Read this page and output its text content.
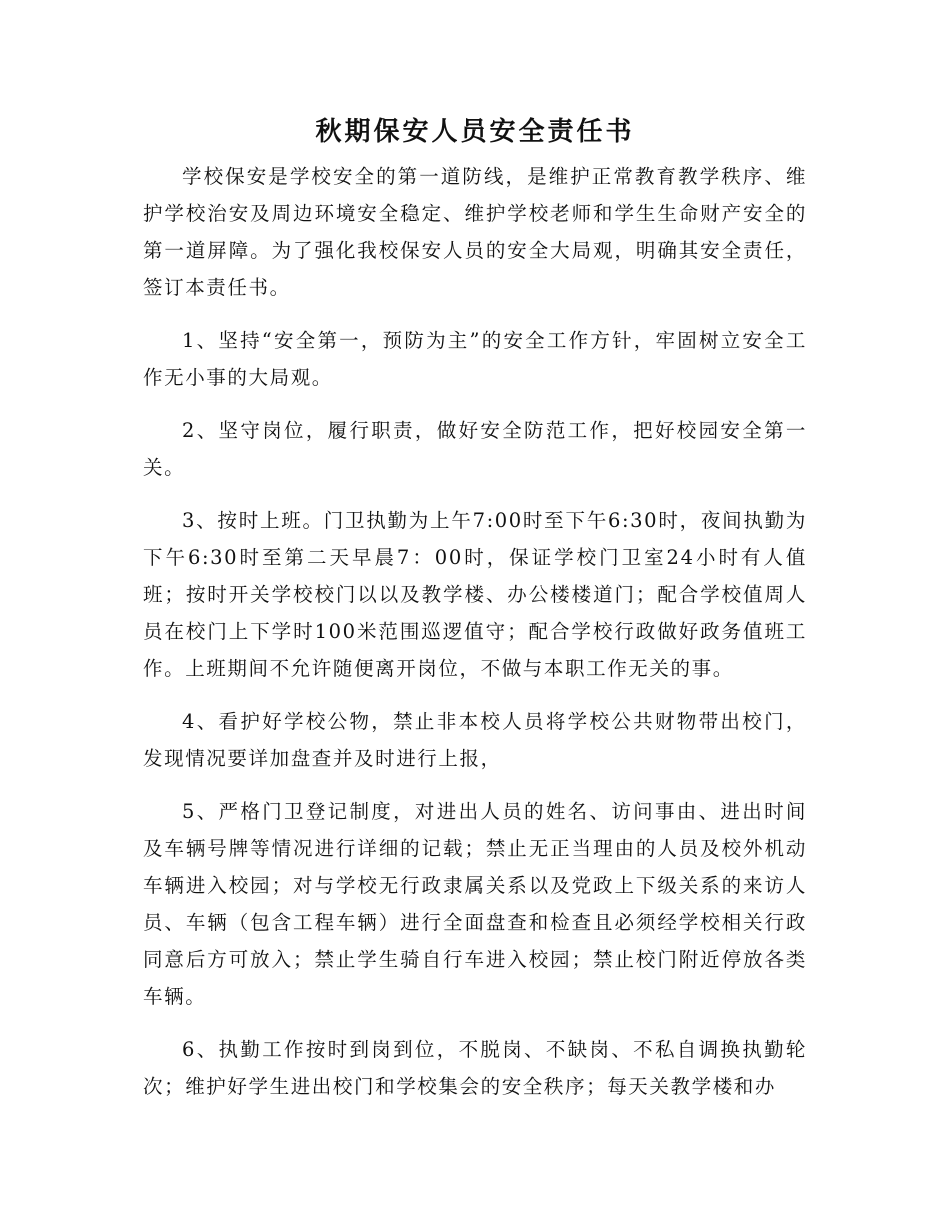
秋期保安人员安全责任书

学校保安是学校安全的第一道防线，是维护正常教育教学秩序、维护学校治安及周边环境安全稳定、维护学校老师和学生生命财产安全的第一道屏障。为了强化我校保安人员的安全大局观，明确其安全责任，签订本责任书。

1、坚持“安全第一，预防为主”的安全工作方针，牢固树立安全工作无小事的大局观。

2、坚守岗位，履行职责，做好安全防范工作，把好校园安全第一关。

3、按时上班。门卫执勤为上午7:00时至下午6:30时，夜间执勤为下午6:30时至第二天早晨7：00时，保证学校门卫室24小时有人值班；按时开关学校校门以以及教学楼、办公楼楼道门；配合学校值周人员在校门上下学时100米范围巡逻值守；配合学校行政做好政务值班工作。上班期间不允许随便离开岗位，不做与本职工作无关的事。

4、看护好学校公物，禁止非本校人员将学校公共财物带出校门，发现情况要详加盘查并及时进行上报，

5、严格门卫登记制度，对进出人员的姓名、访问事由、进出时间及车辆号牌等情况进行详细的记载；禁止无正当理由的人员及校外机动车辆进入校园；对与学校无行政隶属关系以及党政上下级关系的来访人员、车辆（包含工程车辆）进行全面盘查和检查且必须经学校相关行政同意后方可放入；禁止学生骑自行车进入校园；禁止校门附近停放各类车辆。

6、执勤工作按时到岗到位，不脱岗、不缺岗、不私自调换执勤轮次；维护好学生进出校门和学校集会的安全秩序；每天关教学楼和办
